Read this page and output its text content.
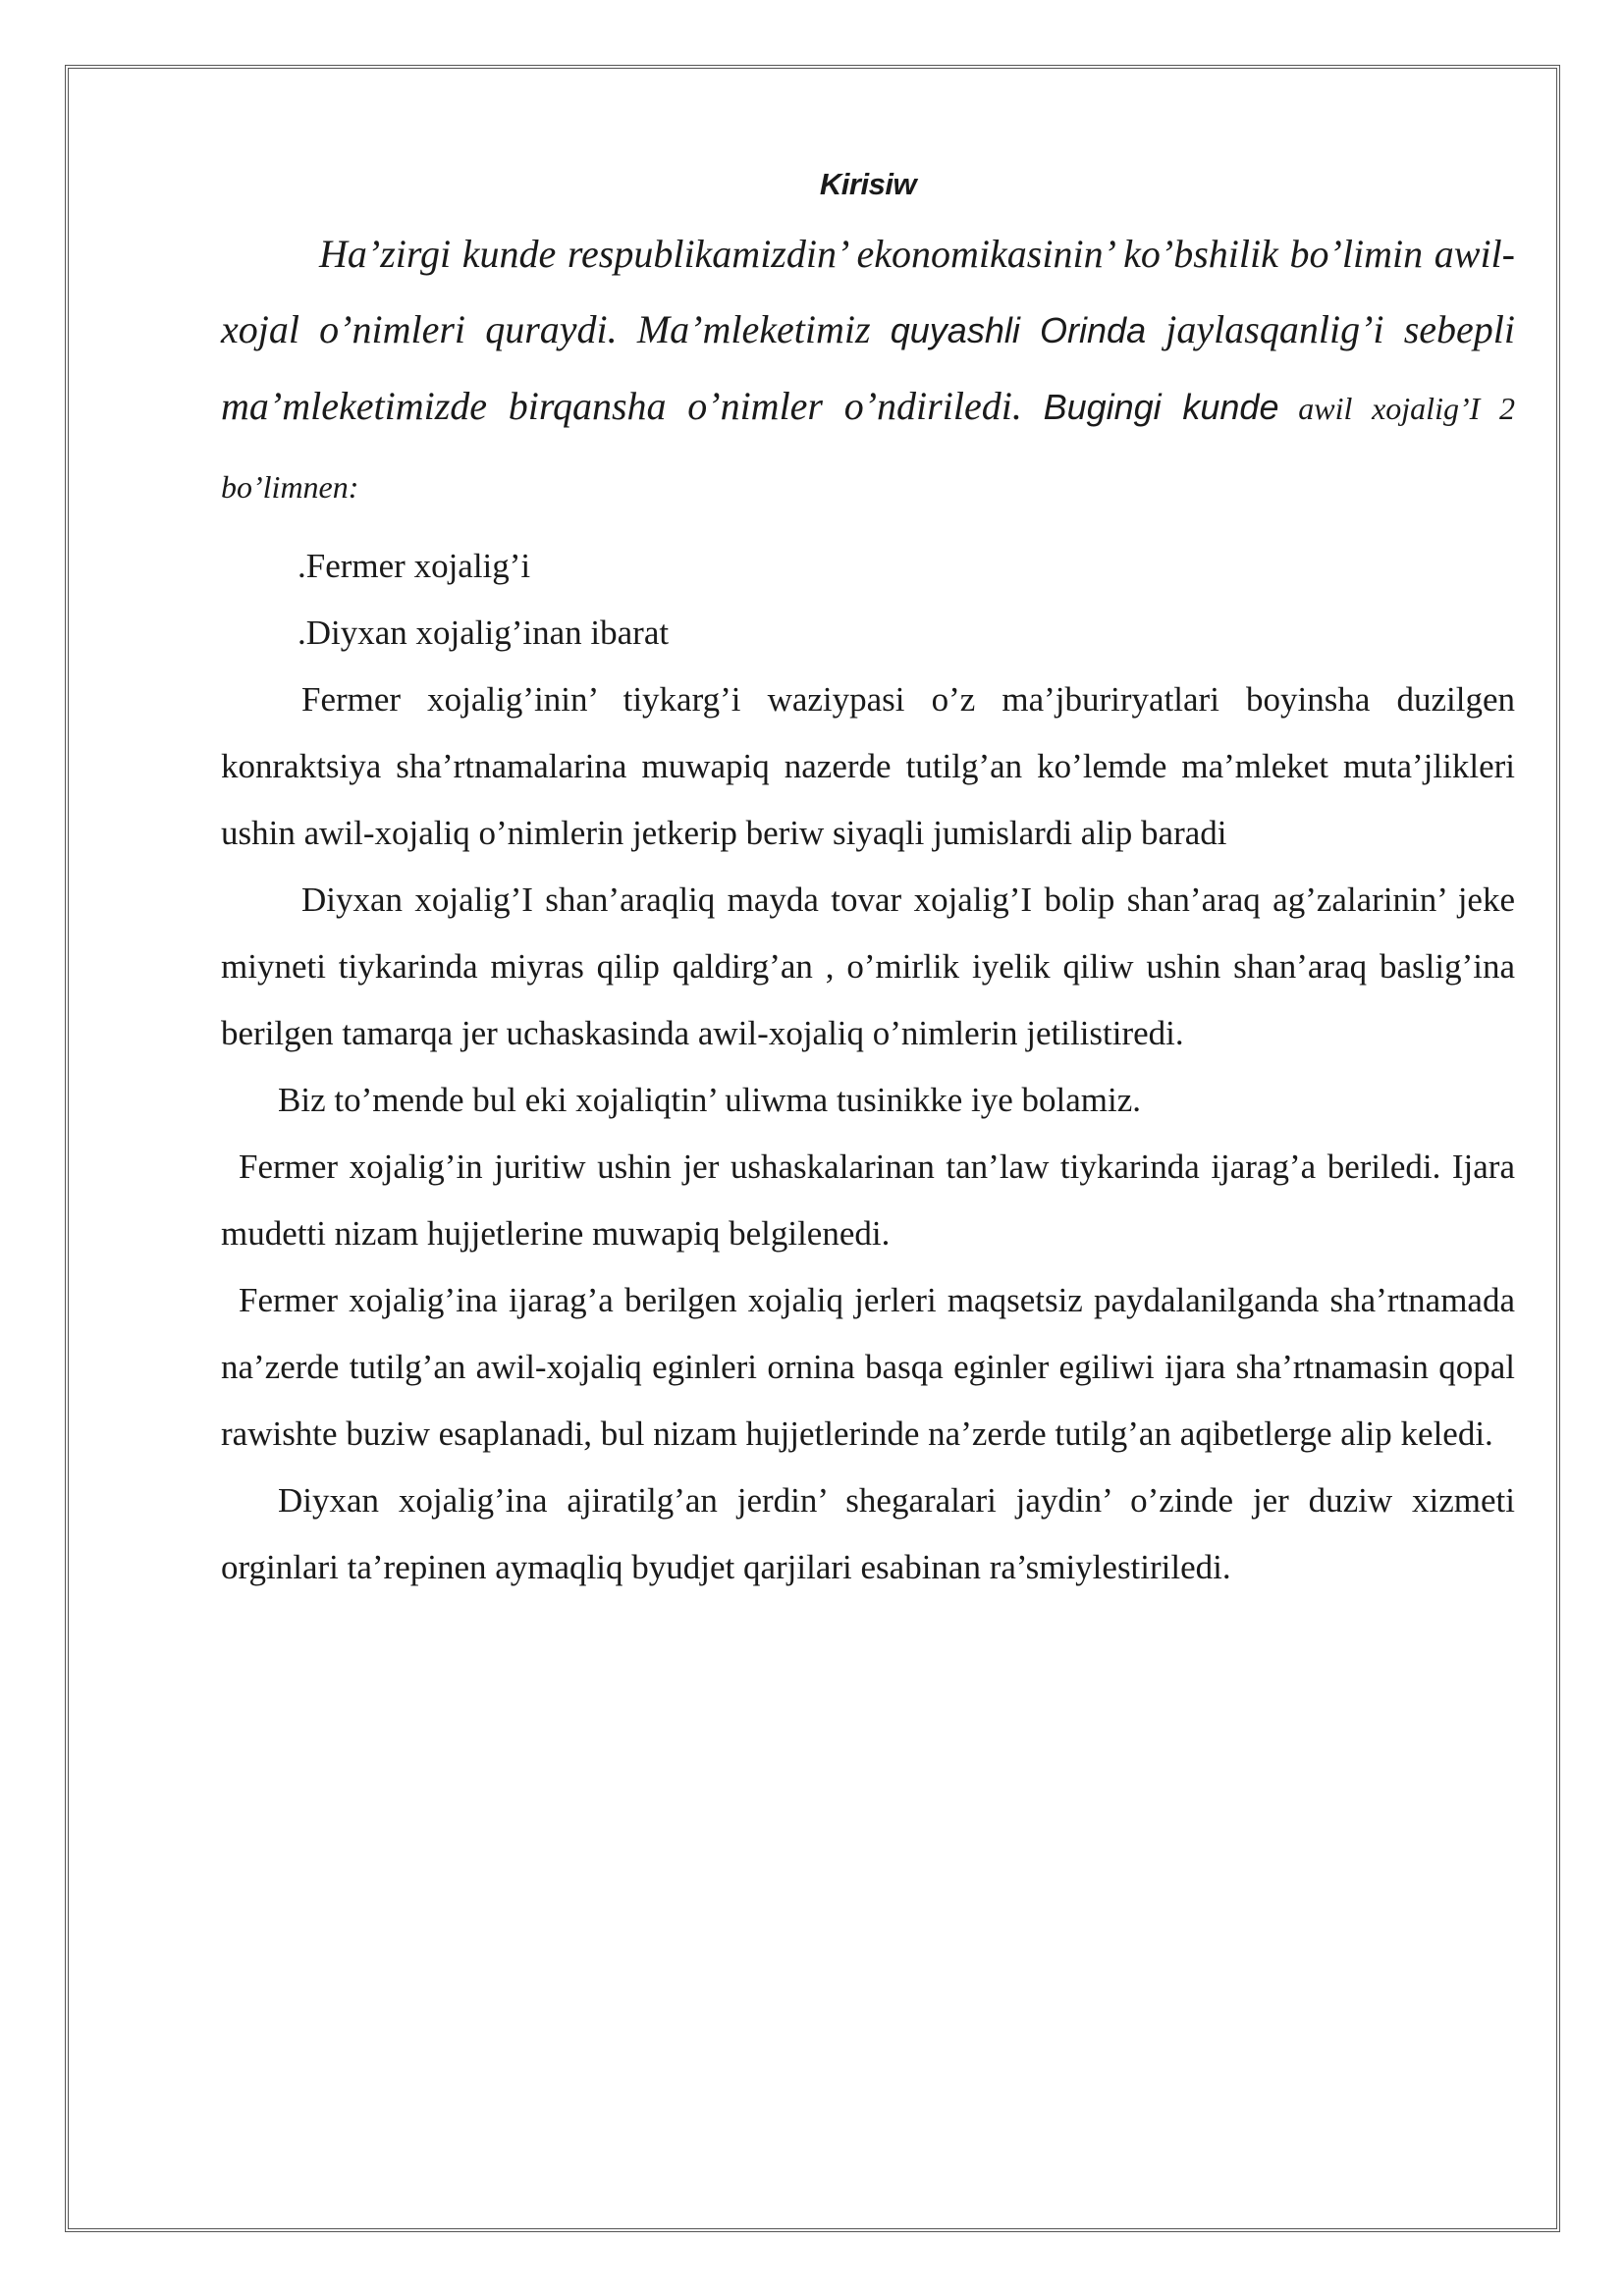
Kirisiw

Ha’zirgi kunde respublikamizdin’ ekonomikasinin’ ko’bshilik bo’limin awil-xojal o’nimleri quraydi. Ma’mleketimiz quyashli Orinda jaylasqanlig’i sebepli ma’mleketimizde birqansha o’nimler o’ndiriledi. Bugingi kunde awil xojalig’I 2 bo’limnen:

.Fermer xojalig’i
.Diyxan xojalig’inan ibarat

Fermer xojalig’inin’ tiykarg’i waziypasi o’z ma’jburiryatlari boyinsha duzilgen konraktsiya sha’rtnamalarina muwapiq nazerde tutilg’an ko’lemde ma’mleket muta’jlikleri ushin awil-xojaliq o’nimlerin jetkerip beriw siyaqli jumislardi alip baradi

Diyxan xojalig’I shan’araqliq mayda tovar xojalig’I bolip shan’araq ag’zalarinin’ jeke miyneti tiykarinda miyras qilip qaldirg’an , o’mirlik iyelik qiliw ushin shan’araq baslig’ina berilgen tamarqa jer uchaskasinda awil-xojaliq o’nimlerin jetilistiredi.

Biz to’mende bul eki xojaliqtin’ uliwma tusinikke iye bolamiz.

Fermer xojalig’in juritiw ushin jer ushaskalarinan tan’law tiykarinda ijarag’a beriledi. Ijara mudetti nizam hujjetlerine muwapiq belgilenedi.

Fermer xojalig’ina ijarag’a berilgen xojaliq jerleri maqsetsiz paydalanilganda sha’rtnamada na’zerde tutilg’an awil-xojaliq eginleri ornina basqa eginler egiliwi ijara sha’rtnamasin qopal rawishte buziw esaplanadi, bul nizam hujjetlerinde na’zerde tutilg’an aqibetlerge alip keledi.

Diyxan xojalig’ina ajiratilg’an jerdin’ shegaralari jaydin’ o’zinde jer duziw xizmeti orginlari ta’repinen aymaqliq byudjet qarjilari esabinan ra’smiylestiriledi.
